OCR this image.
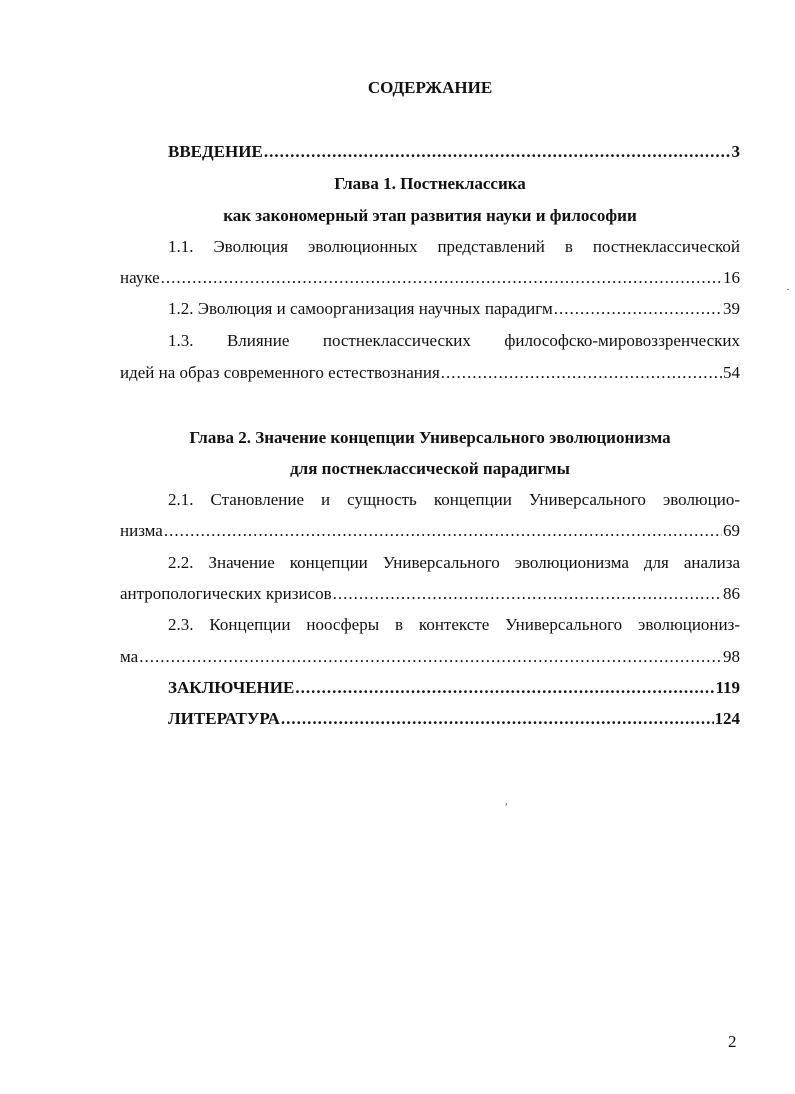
СОДЕРЖАНИЕ
ВВЕДЕНИЕ .....	3
Глава 1. Постнеклассика
как закономерный этап развития науки и философии
1.1. Эволюция эволюционных представлений в постнеклассической
науке .....	16
1.2. Эволюция и самоорганизация научных парадигм .....	39
1.3. Влияние постнеклассических философско-мировоззренческих
идей на образ современного естествознания .....	54
Глава 2. Значение концепции Универсального эволюционизма
для постнеклассической парадигмы
2.1. Становление и сущность концепции Универсального эволюцио-
низма .....	69
2.2. Значение концепции Универсального эволюционизма для анализа
антропологических кризисов .....	86
2.3. Концепции ноосферы в контексте Универсального эволюциониз-
ма .....	98
ЗАКЛЮЧЕНИЕ .....	119
ЛИТЕРАТУРА .....	124
ʹ
·
2
